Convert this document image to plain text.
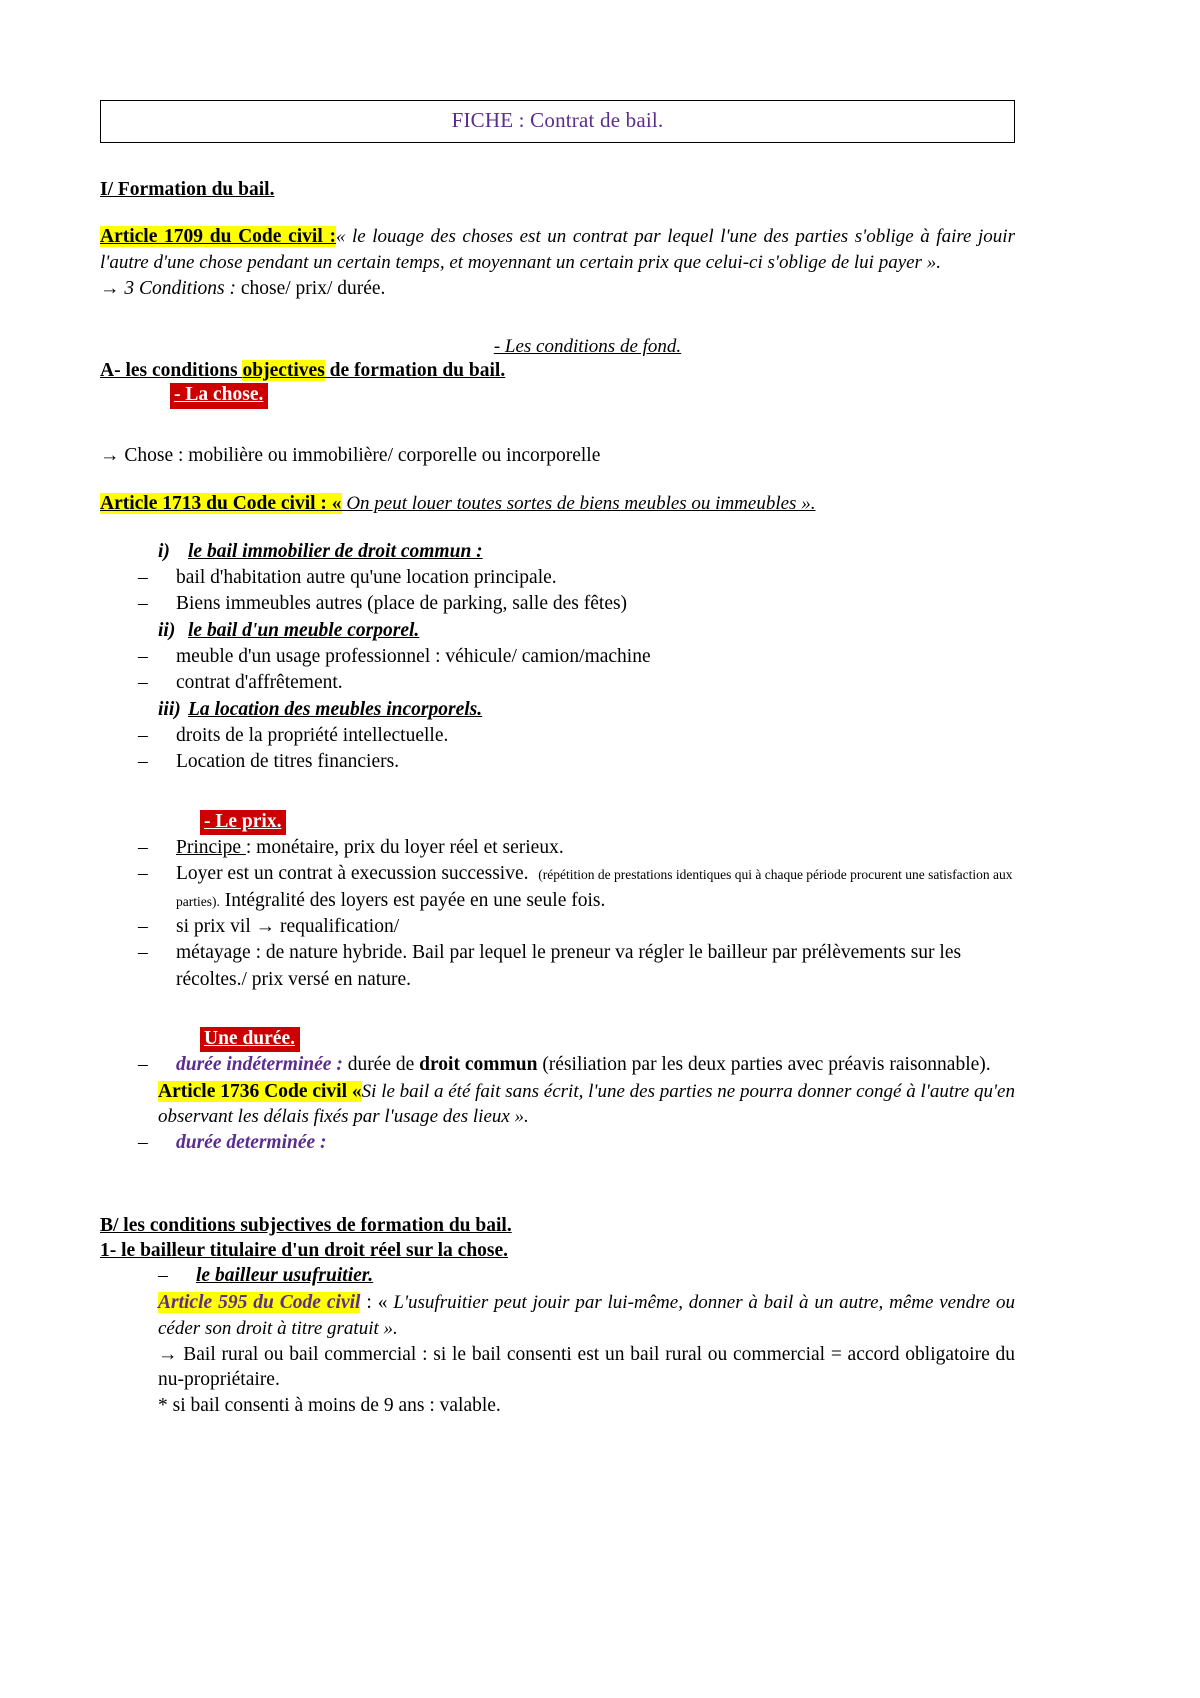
FICHE : Contrat de bail.
I/ Formation du bail.
Article 1709 du Code civil :« le louage des choses est un contrat par lequel l'une des parties s'oblige à faire jouir l'autre d'une chose pendant un certain temps, et moyennant un certain prix que celui-ci s'oblige de lui payer ».
→ 3 Conditions : chose/ prix/ durée.
- Les conditions de fond.
A- les conditions objectives de formation du bail.
- La chose.
→ Chose : mobilière ou immobilière/ corporelle ou incorporelle
Article 1713 du Code civil : « On peut louer toutes sortes de biens meubles ou immeubles ».
i) le bail immobilier de droit commun :
–	bail d'habitation autre qu'une location principale.
–	Biens immeubles autres (place de parking, salle des fêtes)
ii) le bail d'un meuble corporel.
–	meuble d'un usage professionnel : véhicule/ camion/machine
–	contrat d'affrêtement.
iii) La location des meubles incorporels.
–	droits de la propriété intellectuelle.
–	Location de titres financiers.
- Le prix.
–	Principe : monétaire, prix du loyer réel et serieux.
–	Loyer est un contrat à execussion successive. (répétition de prestations identiques qui à chaque période procurent une satisfaction aux parties). Intégralité des loyers est payée en une seule fois.
–	si prix vil → requalification/
–	métayage : de nature hybride. Bail par lequel le preneur va régler le bailleur par prélèvements sur les récoltes./ prix versé en nature.
Une durée.
–	durée indéterminée : durée de droit commun (résiliation par les deux parties avec préavis raisonnable).
Article 1736 Code civil «Si le bail a été fait sans écrit, l'une des parties ne pourra donner congé à l'autre qu'en observant les délais fixés par l'usage des lieux ».
–	durée determinée :
B/ les conditions subjectives de formation du bail.
1- le bailleur titulaire d'un droit réel sur la chose.
–	le bailleur usufruitier.
Article 595 du Code civil : « L'usufruitier peut jouir par lui-même, donner à bail à un autre, même vendre ou céder son droit à titre gratuit ».
→ Bail rural ou bail commercial : si le bail consenti est un bail rural ou commercial = accord obligatoire du nu-propriétaire.
* si bail consenti à moins de 9 ans : valable.
